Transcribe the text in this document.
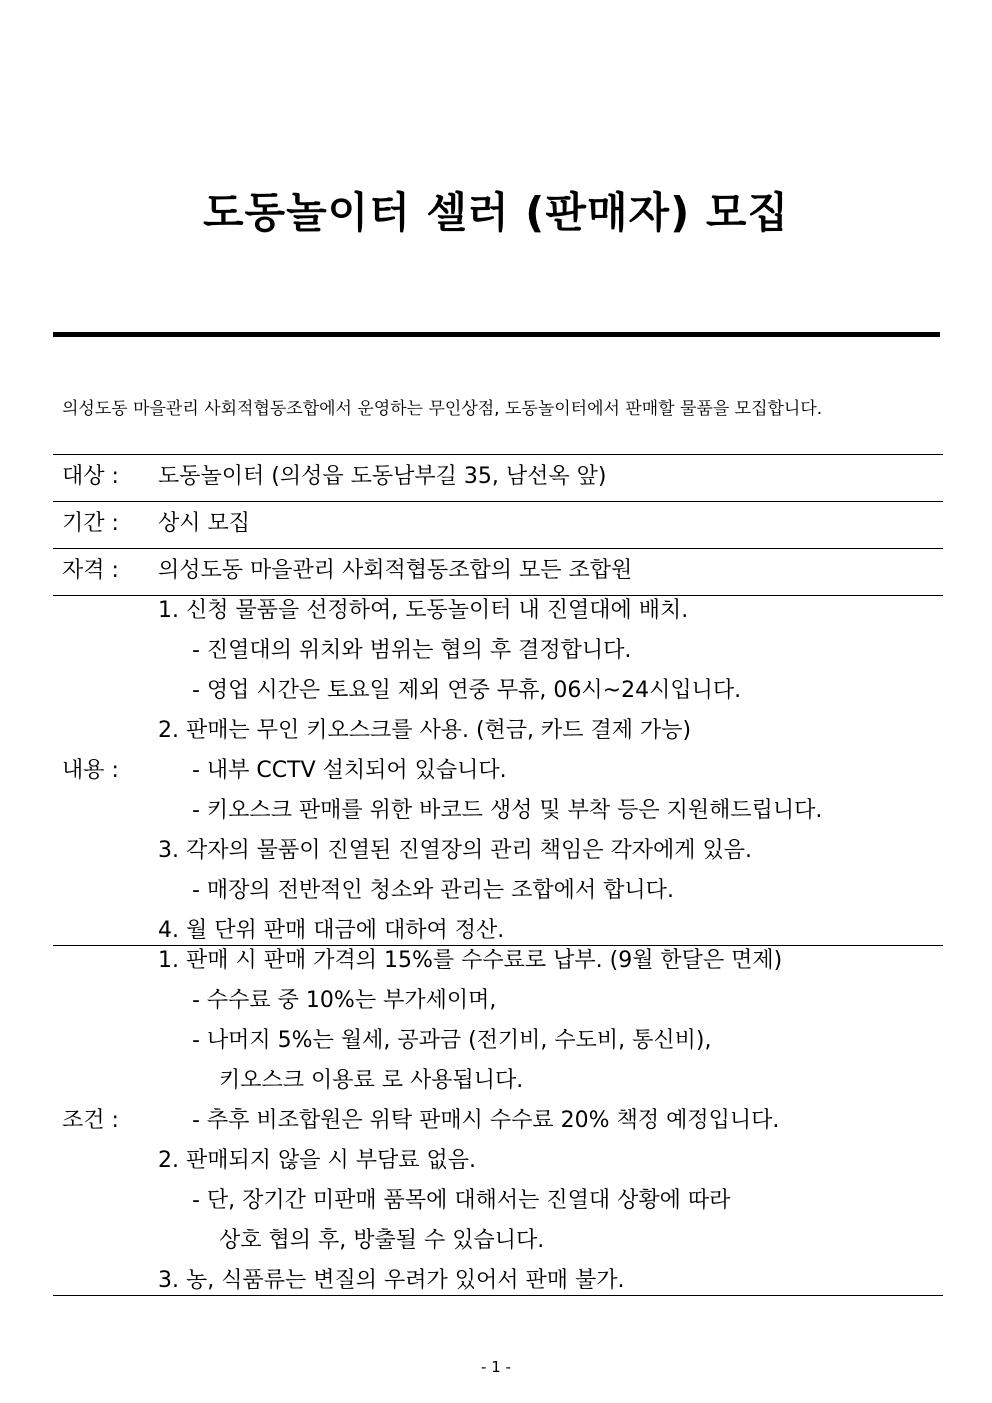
도동놀이터 셀러 (판매자) 모집
의성도동 마을관리 사회적협동조합에서 운영하는 무인상점, 도동놀이터에서 판매할 물품을 모집합니다.
대상 : 도동놀이터 (의성읍 도동남부길 35, 남선옥 앞)
기간 : 상시 모집
자격 : 의성도동 마을관리 사회적협동조합의 모든 조합원
내용 :
1. 신청 물품을 선정하여, 도동놀이터 내 진열대에 배치.
- 진열대의 위치와 범위는 협의 후 결정합니다.
- 영업 시간은 토요일 제외 연중 무휴, 06시~24시입니다.
2. 판매는 무인 키오스크를 사용. (현금, 카드 결제 가능)
- 내부 CCTV 설치되어 있습니다.
- 키오스크 판매를 위한 바코드 생성 및 부착 등은 지원해드립니다.
3. 각자의 물품이 진열된 진열장의 관리 책임은 각자에게 있음.
- 매장의 전반적인 청소와 관리는 조합에서 합니다.
4. 월 단위 판매 대금에 대하여 정산.
조건 :
1. 판매 시 판매 가격의 15%를 수수료로 납부. (9월 한달은 면제)
- 수수료 중 10%는 부가세이며,
- 나머지 5%는 월세, 공과금 (전기비, 수도비, 통신비),
키오스크 이용료 로 사용됩니다.
- 추후 비조합원은 위탁 판매시 수수료 20% 책정 예정입니다.
2. 판매되지 않을 시 부담료 없음.
- 단, 장기간 미판매 품목에 대해서는 진열대 상황에 따라
상호 협의 후, 방출될 수 있습니다.
3. 농, 식품류는 변질의 우려가 있어서 판매 불가.
- 1 -
